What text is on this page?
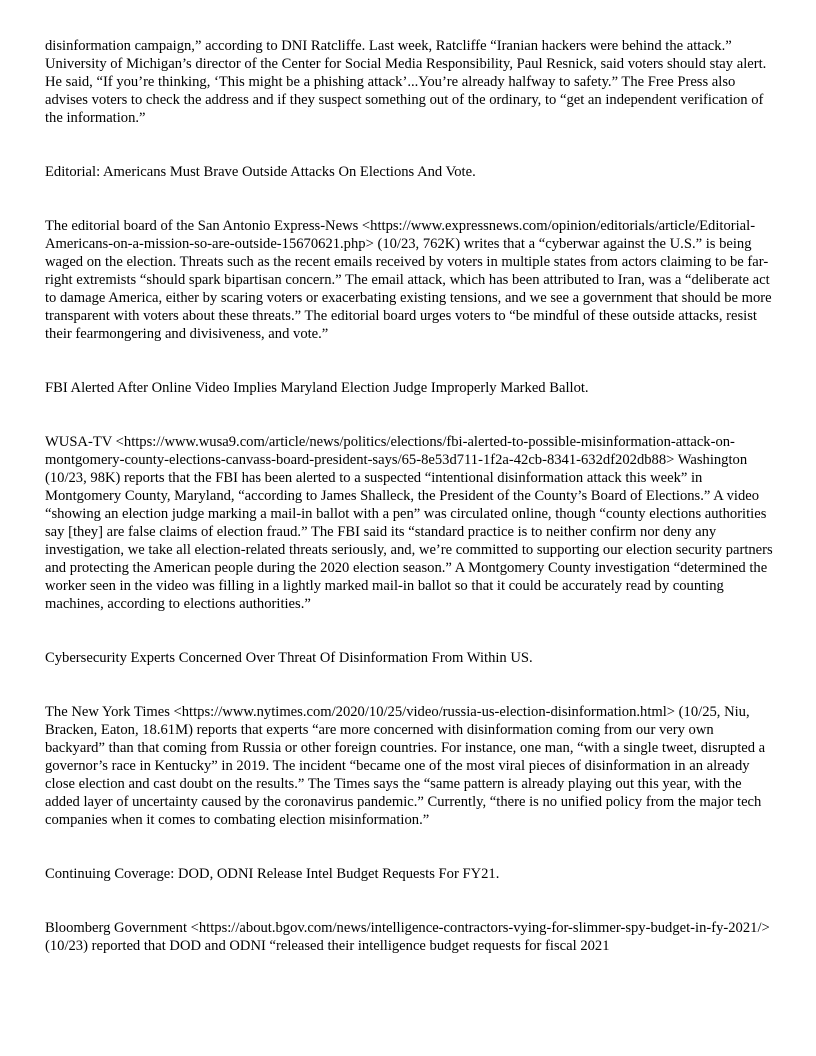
disinformation campaign,” according to DNI Ratcliffe. Last week, Ratcliffe “Iranian hackers were behind the attack.” University of Michigan’s director of the Center for Social Media Responsibility, Paul Resnick, said voters should stay alert. He said, “If you’re thinking, ‘This might be a phishing attack’...You’re already halfway to safety.” The Free Press also advises voters to check the address and if they suspect something out of the ordinary, to “get an independent verification of the information.”

Editorial: Americans Must Brave Outside Attacks On Elections And Vote.

The editorial board of the San Antonio Express-News <https://www.expressnews.com/opinion/editorials/article/Editorial-Americans-on-a-mission-so-are-outside-15670621.php> (10/23, 762K) writes that a “cyberwar against the U.S.” is being waged on the election. Threats such as the recent emails received by voters in multiple states from actors claiming to be far-right extremists “should spark bipartisan concern.” The email attack, which has been attributed to Iran, was a “deliberate act to damage America, either by scaring voters or exacerbating existing tensions, and we see a government that should be more transparent with voters about these threats.” The editorial board urges voters to “be mindful of these outside attacks, resist their fearmongering and divisiveness, and vote.”

FBI Alerted After Online Video Implies Maryland Election Judge Improperly Marked Ballot.

WUSA-TV <https://www.wusa9.com/article/news/politics/elections/fbi-alerted-to-possible-misinformation-attack-on-montgomery-county-elections-canvass-board-president-says/65-8e53d711-1f2a-42cb-8341-632df202db88> Washington (10/23, 98K) reports that the FBI has been alerted to a suspected “intentional disinformation attack this week” in Montgomery County, Maryland, “according to James Shalleck, the President of the County’s Board of Elections.” A video “showing an election judge marking a mail-in ballot with a pen” was circulated online, though “county elections authorities say [they] are false claims of election fraud.” The FBI said its “standard practice is to neither confirm nor deny any investigation, we take all election-related threats seriously, and, we’re committed to supporting our election security partners and protecting the American people during the 2020 election season.” A Montgomery County investigation “determined the worker seen in the video was filling in a lightly marked mail-in ballot so that it could be accurately read by counting machines, according to elections authorities.”

Cybersecurity Experts Concerned Over Threat Of Disinformation From Within US.

The New York Times <https://www.nytimes.com/2020/10/25/video/russia-us-election-disinformation.html> (10/25, Niu, Bracken, Eaton, 18.61M) reports that experts “are more concerned with disinformation coming from our very own backyard” than that coming from Russia or other foreign countries. For instance, one man, “with a single tweet, disrupted a governor’s race in Kentucky” in 2019. The incident “became one of the most viral pieces of disinformation in an already close election and cast doubt on the results.” The Times says the “same pattern is already playing out this year, with the added layer of uncertainty caused by the coronavirus pandemic.” Currently, “there is no unified policy from the major tech companies when it comes to combating election misinformation.”

Continuing Coverage: DOD, ODNI Release Intel Budget Requests For FY21.

Bloomberg Government <https://about.bgov.com/news/intelligence-contractors-vying-for-slimmer-spy-budget-in-fy-2021/> (10/23) reported that DOD and ODNI “released their intelligence budget requests for fiscal 2021
